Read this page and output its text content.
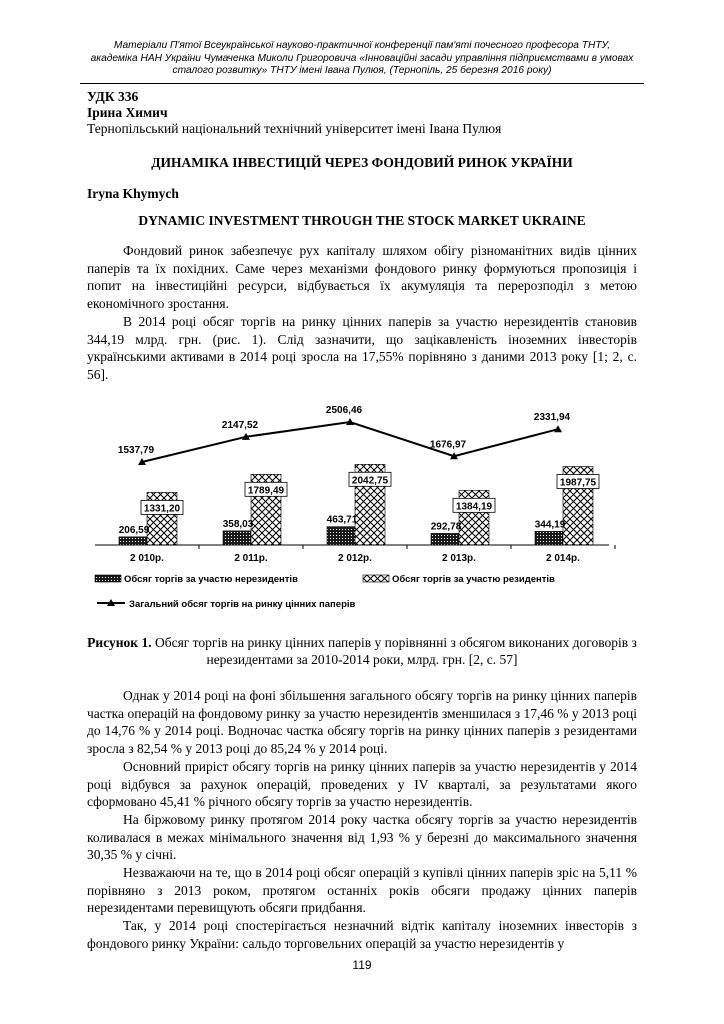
Матеріали П'ятої Всеукраїнської науково-практичної конференції пам'яті почесного професора ТНТУ,
академіка НАН України Чумаченка Миколи Григоровича «Інноваційні засади управління підприємствами в умовах
сталого розвитку» ТНТУ імені Івана Пулюя, (Тернопіль, 25 березня 2016 року)
УДК 336
Ірина Химич
Тернопільський національний технічний університет імені Івана Пулюя
ДИНАМІКА ІНВЕСТИЦІЙ ЧЕРЕЗ ФОНДОВИЙ РИНОК УКРАЇНИ
Iryna Khymych
DYNAMIC INVESTMENT THROUGH THE STOCK MARKET UKRAINE

Фондовий ринок забезпечує рух капіталу шляхом обігу різноманітних видів цінних паперів та їх похідних. Саме через механізми фондового ринку формуються пропозиція і попит на інвестиційні ресурси, відбувається їх акумуляція та перерозподіл з метою економічного зростання.

В 2014 році обсяг торгів на ринку цінних паперів за участю нерезидентів становив 344,19 млрд. грн. (рис. 1). Слід зазначити, що зацікавленість іноземних інвесторів українськими активами в 2014 році зросла на 17,55% порівняно з даними 2013 року [1; 2, с. 56].

2 010р.	2 011р.	2 012р.	2 013р.	2 014р.
206,59
1331,20
1537,79
358,03
1789,49
2147,52
463,71
2042,75
2506,46
292,78
1384,19
1676,97
344,19
1987,75
2331,94
Обсяг торгів за участю нерезидентів	Обсяг торгів за участю резидентів
Загальний обсяг торгів на ринку цінних паперів
Рисунок 1. Обсяг торгів на ринку цінних паперів у порівнянні з обсягом виконаних договорів з нерезидентами за 2010-2014 роки, млрд. грн. [2, с. 57]

Однак у 2014 році на фоні збільшення загального обсягу торгів на ринку цінних паперів частка операцій на фондовому ринку за участю нерезидентів зменшилася з 17,46 % у 2013 році до 14,76 % у 2014 році. Водночас частка обсягу торгів на ринку цінних паперів з резидентами зросла з 82,54 % у 2013 році до 85,24 % у 2014 році.

Основний приріст обсягу торгів на ринку цінних паперів за участю нерезидентів у 2014 році відбувся за рахунок операцій, проведених у IV кварталі, за результатами якого сформовано 45,41 % річного обсягу торгів за участю нерезидентів.

На біржовому ринку протягом 2014 року частка обсягу торгів за участю нерезидентів коливалася в межах мінімального значення від 1,93 % у березні до максимального значення 30,35 % у січні.

Незважаючи на те, що в 2014 році обсяг операцій з купівлі цінних паперів зріс на 5,11 % порівняно з 2013 роком, протягом останніх років обсяги продажу цінних паперів нерезидентами перевищують обсяги придбання.

Так, у 2014 році спостерігається незначний відтік капіталу іноземних інвесторів з фондового ринку України: сальдо торговельних операцій за участю нерезидентів у

119
